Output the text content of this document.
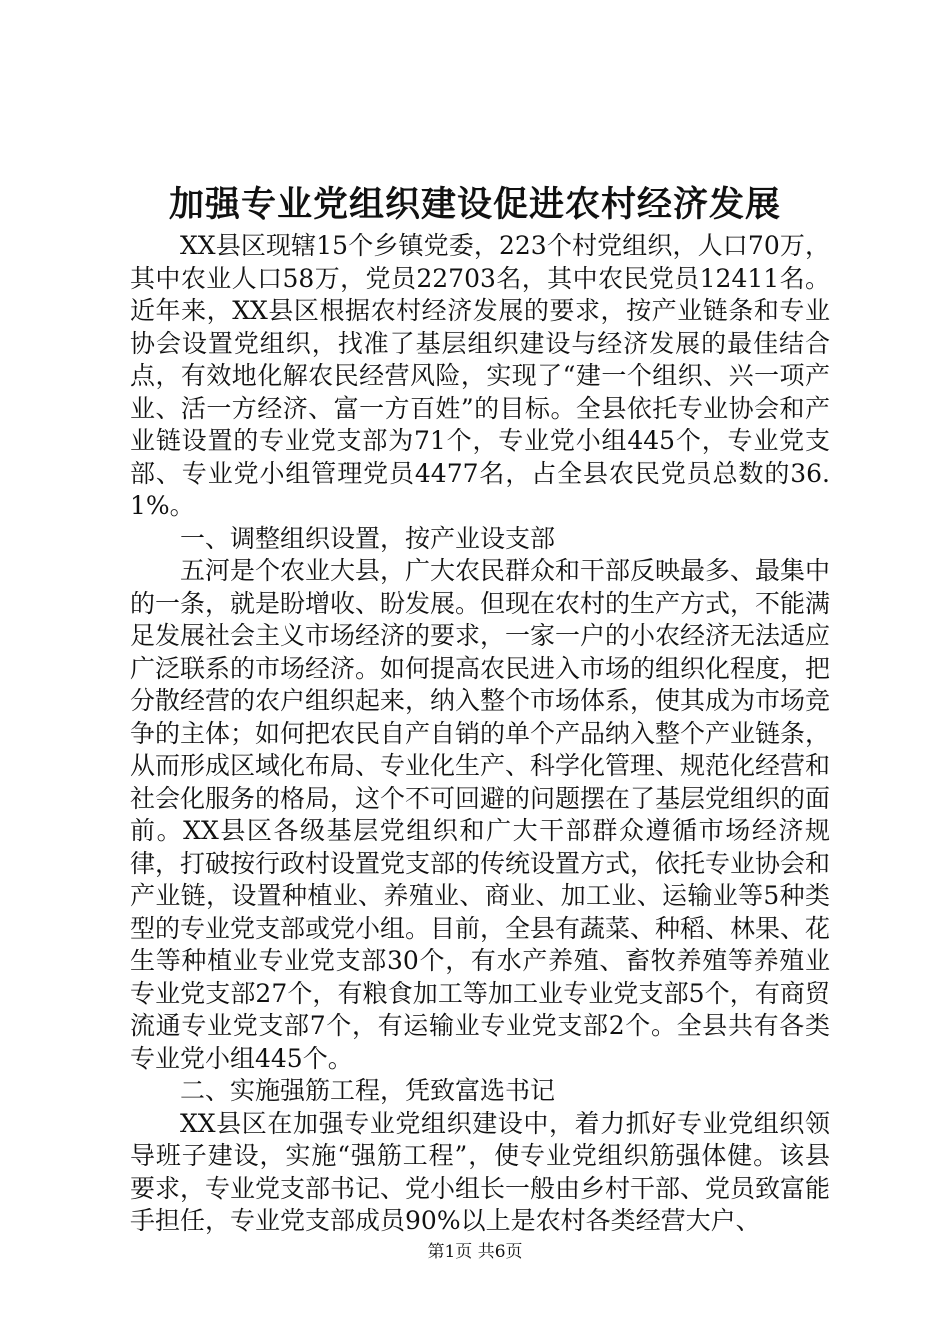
加强专业党组织建设促进农村经济发展

XX县区现辖15个乡镇党委，223个村党组织，人口70万，其中农业人口58万，党员22703名，其中农民党员12411名。近年来，XX县区根据农村经济发展的要求，按产业链条和专业协会设置党组织，找准了基层组织建设与经济发展的最佳结合点，有效地化解农民经营风险，实现了“建一个组织、兴一项产业、活一方经济、富一方百姓”的目标。全县依托专业协会和产业链设置的专业党支部为71个，专业党小组445个，专业党支部、专业党小组管理党员4477名，占全县农民党员总数的36.1%。

一、调整组织设置，按产业设支部

五河是个农业大县，广大农民群众和干部反映最多、最集中的一条，就是盼增收、盼发展。但现在农村的生产方式，不能满足发展社会主义市场经济的要求，一家一户的小农经济无法适应广泛联系的市场经济。如何提高农民进入市场的组织化程度，把分散经营的农户组织起来，纳入整个市场体系，使其成为市场竞争的主体；如何把农民自产自销的单个产品纳入整个产业链条，从而形成区域化布局、专业化生产、科学化管理、规范化经营和社会化服务的格局，这个不可回避的问题摆在了基层党组织的面前。XX县区各级基层党组织和广大干部群众遵循市场经济规律，打破按行政村设置党支部的传统设置方式，依托专业协会和产业链，设置种植业、养殖业、商业、加工业、运输业等5种类型的专业党支部或党小组。目前，全县有蔬菜、种稻、林果、花生等种植业专业党支部30个，有水产养殖、畜牧养殖等养殖业专业党支部27个，有粮食加工等加工业专业党支部5个，有商贸流通专业党支部7个，有运输业专业党支部2个。全县共有各类专业党小组445个。

二、实施强筋工程，凭致富选书记

XX县区在加强专业党组织建设中，着力抓好专业党组织领导班子建设，实施“强筋工程”，使专业党组织筋强体健。该县要求，专业党支部书记、党小组长一般由乡村干部、党员致富能手担任，专业党支部成员90%以上是农村各类经营大户、

第1页 共6页
